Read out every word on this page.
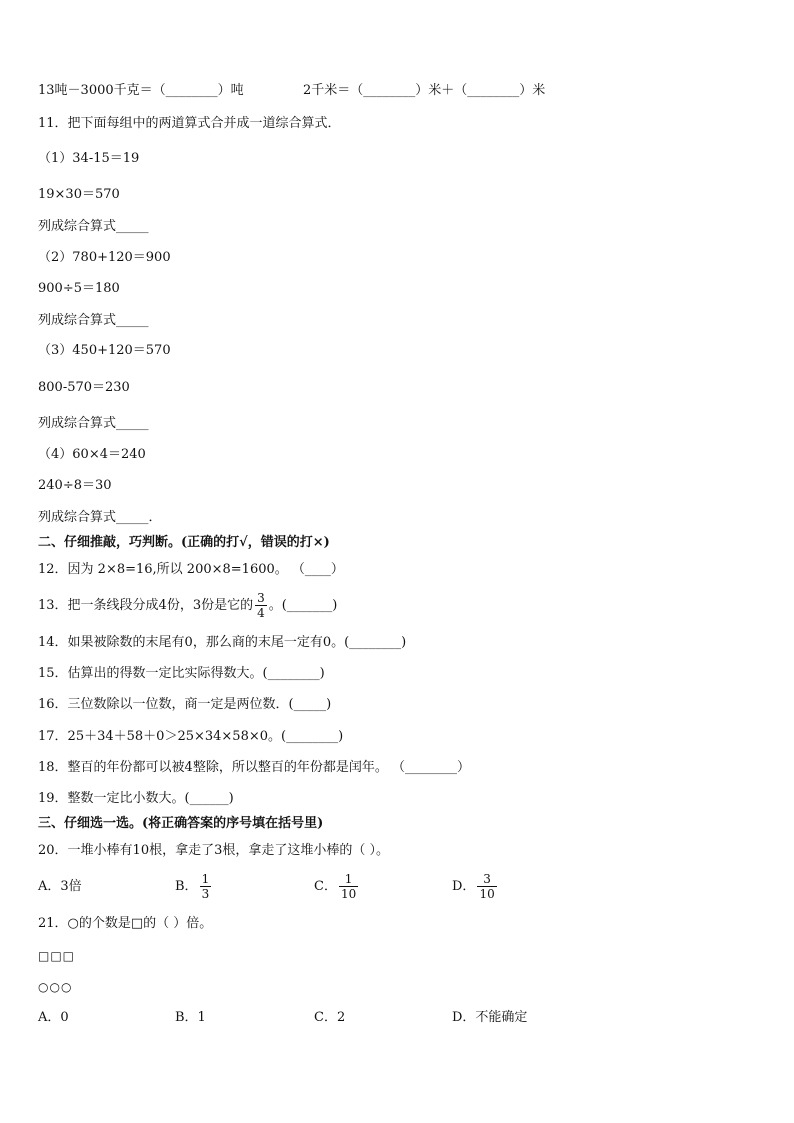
13吨－3000千克＝（________）吨	2千米＝（________）米＋（________）米
11．把下面每组中的两道算式合并成一道综合算式．
（1）34-15＝19
19×30＝570
列成综合算式_____
（2）780+120＝900
900÷5＝180
列成综合算式_____
（3）450+120＝570
800-570＝230
列成综合算式_____
（4）60×4＝240
240÷8＝30
列成综合算式_____．
二、仔细推敲，巧判断。(正确的打√，错误的打×)
12．因为 2×8=16,所以 200×8=1600。 （____）
13．把一条线段分成4份，3份是它的 $\frac{3}{4}$ 。(_______)
14．如果被除数的末尾有0，那么商的末尾一定有0。(________)
15．估算出的得数一定比实际得数大。(________)
16．三位数除以一位数，商一定是两位数．(_____)
17．25＋34＋58＋0＞25×34×58×0。(________)
18．整百的年份都可以被4整除，所以整百的年份都是闰年。 （________）
19．整数一定比小数大。(______)
三、仔细选一选。(将正确答案的序号填在括号里)
20．一堆小棒有10根，拿走了3根，拿走了这堆小棒的（ ）。
A．3倍	B． $\frac{1}{3}$	C． $\frac{1}{10}$	D． $\frac{3}{10}$
21．○的个数是□的（ ）倍。
□□□
○○○
A．0	B．1	C．2	D．不能确定
